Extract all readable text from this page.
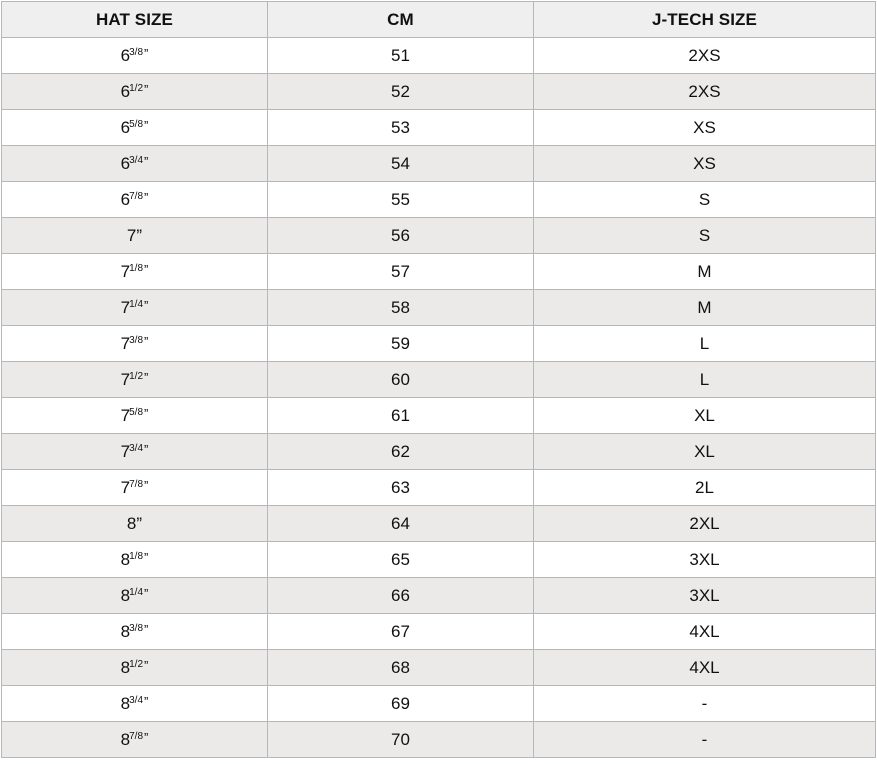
HAT SIZE	CM	J-TECH SIZE
$6^{3/8}$”	51	2XS
$6^{1/2}$”	52	2XS
$6^{5/8}$”	53	XS
$6^{3/4}$”	54	XS
$6^{7/8}$”	55	S
7”	56	S
$7^{1/8}$”	57	M
$7^{1/4}$”	58	M
$7^{3/8}$”	59	L
$7^{1/2}$”	60	L
$7^{5/8}$”	61	XL
$7^{3/4}$”	62	XL
$7^{7/8}$”	63	2L
8”	64	2XL
$8^{1/8}$”	65	3XL
$8^{1/4}$”	66	3XL
$8^{3/8}$”	67	4XL
$8^{1/2}$”	68	4XL
$8^{3/4}$”	69	-
$8^{7/8}$”	70	-
